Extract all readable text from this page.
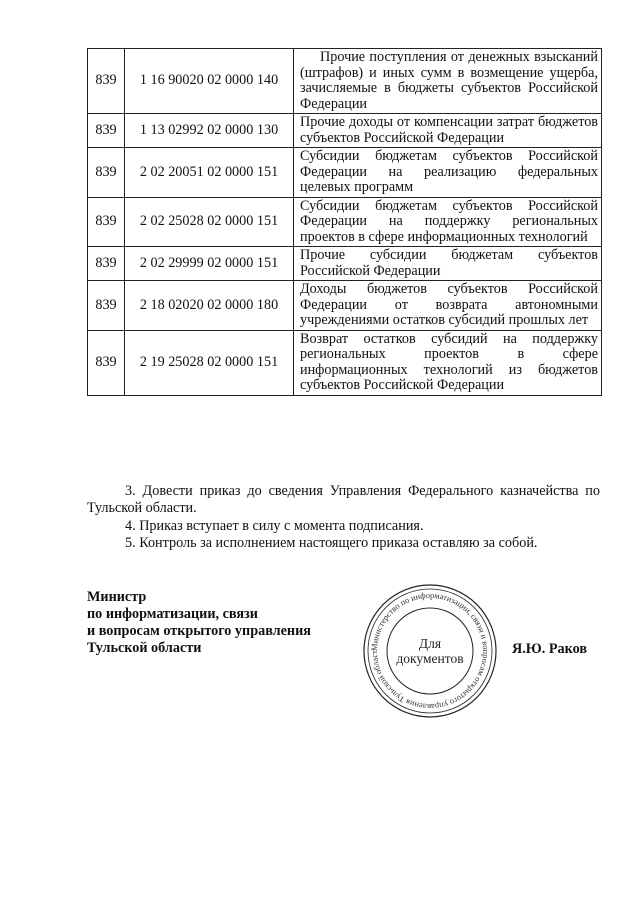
839	1 16 90020 02 0000 140	Прочие поступления от денежных взысканий (штрафов) и иных сумм в возмещение ущерба, зачисляемые в бюджеты субъектов Российской Федерации
839	1 13 02992 02 0000 130	Прочие доходы от компенсации затрат бюджетов субъектов Российской Федерации
839	2 02 20051 02 0000 151	Субсидии бюджетам субъектов Российской Федерации на реализацию федеральных целевых программ
839	2 02 25028 02 0000 151	Субсидии бюджетам субъектов Российской Федерации на поддержку региональных проектов в сфере информационных технологий
839	2 02 29999 02 0000 151	Прочие субсидии бюджетам субъектов Российской Федерации
839	2 18 02020 02 0000 180	Доходы бюджетов субъектов Российской Федерации от возврата автономными учреждениями остатков субсидий прошлых лет
839	2 19 25028 02 0000 151	Возврат остатков субсидий на поддержку региональных проектов в сфере информационных технологий из бюджетов субъектов Российской Федерации
3. Довести приказ до сведения Управления Федерального казначейства по Тульской области.
4. Приказ вступает в силу с момента подписания.
5. Контроль за исполнением настоящего приказа оставляю за собой.
Министр
по информатизации, связи
и вопросам открытого управления
Тульской области	Министерство по информатизации, связи и вопросам открытого управления Тульской област
Для
документов
Я.Ю. Раков
